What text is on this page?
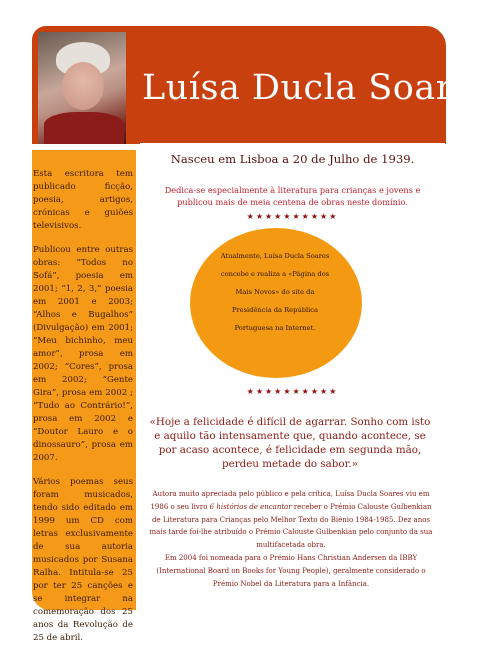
Luísa Ducla Soares

Esta escritora tem publicado ficção, poesia, artigos, crónicas e guiões televisivos.

Publicou entre outras obras: “Todos no Sofá”, poesia em 2001; “1, 2, 3,” poesia em 2001 e 2003; “Alhos e Bugalhos” (Divulgação) em 2001; “Meu bichinho, meu amor”, prosa em 2002; “Cores”, prosa em 2002; “Gente Gira”, prosa em 2002 ; “Tudo ao Contrário!”, prosa em 2002 e “Doutor Lauro e o dinossauro”, prosa em 2007.

Vários poemas seus foram musicados, tendo sido editado em 1999 um CD com letras exclusivamente de sua autoria musicados por Susana Ralha. Intitula-se 25 por ter 25 canções e se integrar na comemoração dos 25 anos da Revolução de 25 de abril.

Nasceu em Lisboa a 20 de Julho de 1939.
Dedica-se especialmente à literatura para crianças e jovens e publicou mais de meia centena de obras neste domínio.
★★★★★★★★★★
Atualmente, Luísa Ducla Soares concebe e realiza a «Página dos Mais Novos» do site da Presidência da República Portuguesa na Internet.
★★★★★★★★★★
«Hoje a felicidade é difícil de agarrar. Sonho com isto e aquilo tão intensamente que, quando acontece, se por acaso acontece, é felicidade em segunda mão, perdeu metade do sabor.»
Autora muito apreciada pelo público e pela crítica, Luísa Ducla Soares viu em 1986 o seu livro 6 histórias de encantar receber o Prémio Calouste Gulbenkian de Literatura para Crianças pelo Melhor Texto do Biénio 1984-1985. Dez anos mais tarde foi-lhe atribuído o Prémio Calouste Gulbenkian pelo conjunto da sua multifacetada obra.
Em 2004 foi nomeada para o Prémio Hans Christian Andersen da IBBY (International Board on Books for Young People), geralmente considerado o Prémio Nobel da Literatura para a Infância.
